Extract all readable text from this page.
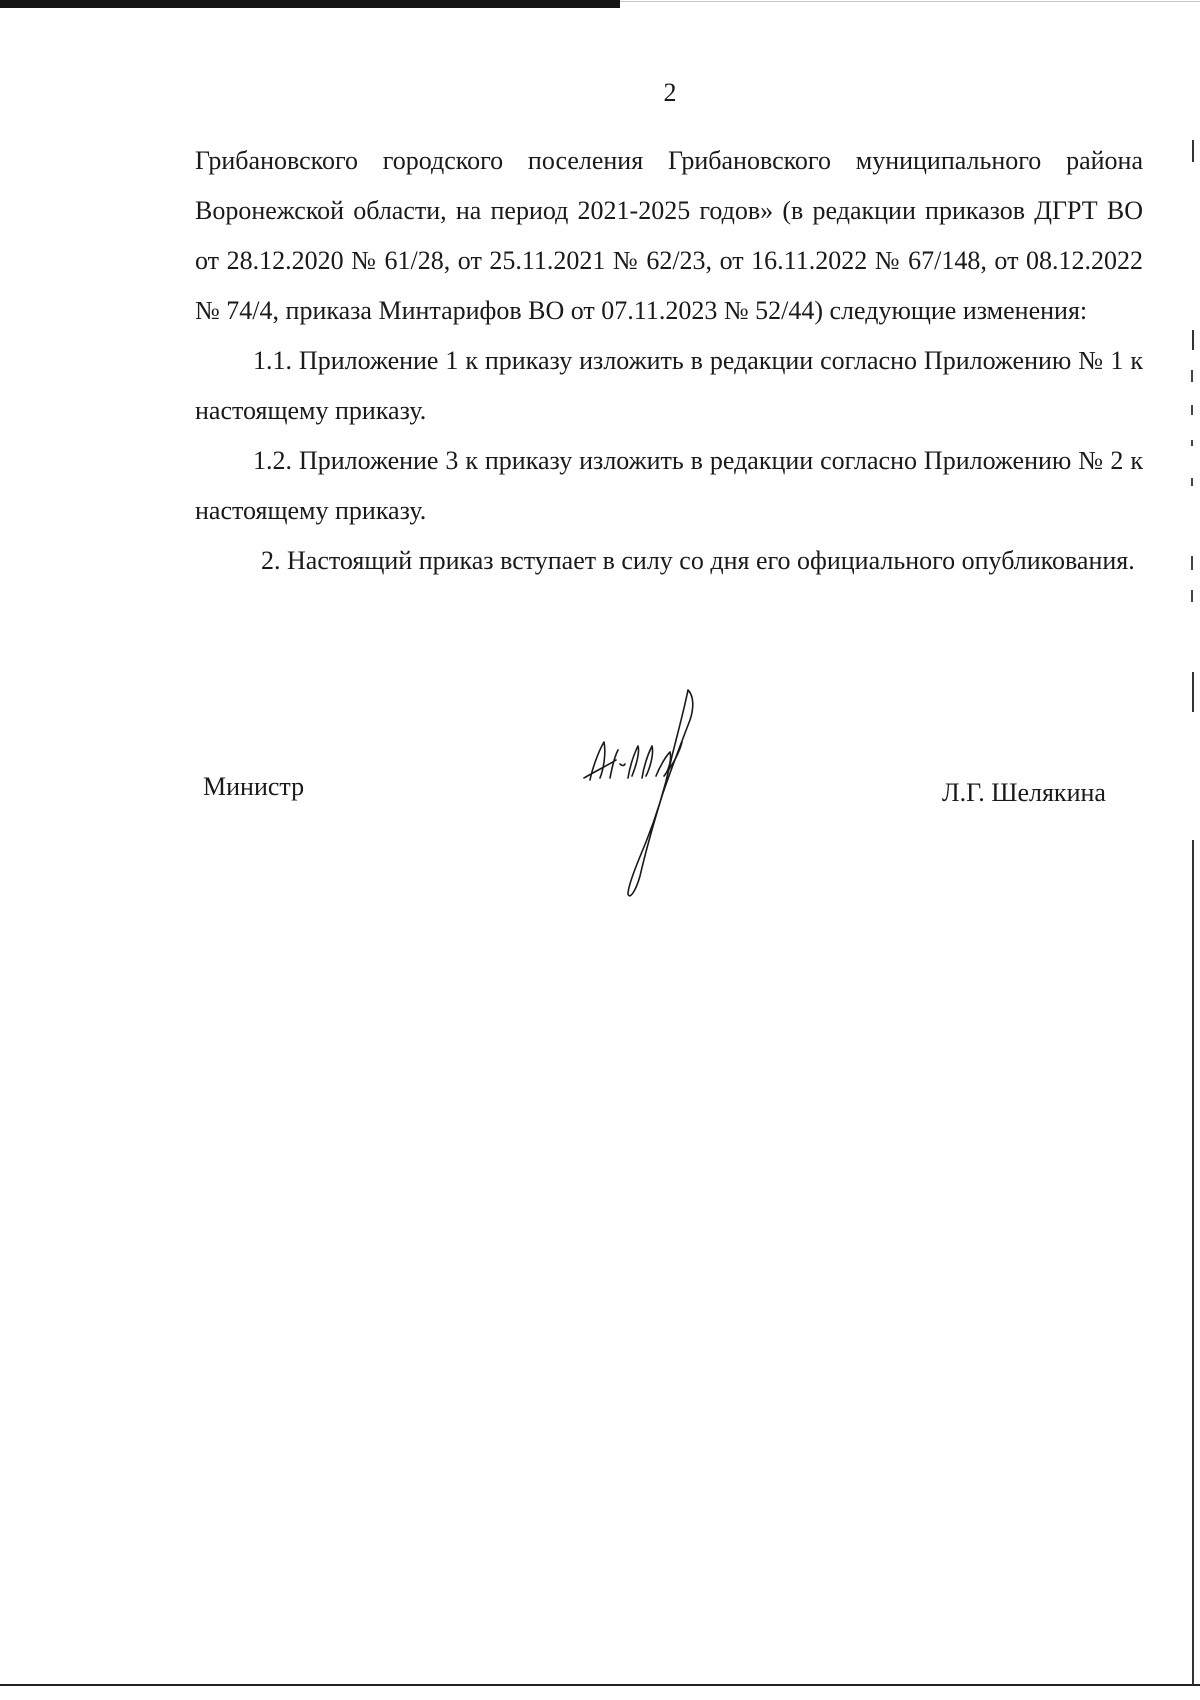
2

Грибановского городского поселения Грибановского муниципального района Воронежской области, на период 2021-2025 годов» (в редакции приказов ДГРТ ВО от 28.12.2020 № 61/28, от 25.11.2021 № 62/23, от 16.11.2022 № 67/148, от 08.12.2022 № 74/4, приказа Минтарифов ВО от 07.11.2023 № 52/44) следующие изменения:

1.1. Приложение 1 к приказу изложить в редакции согласно Приложению № 1 к настоящему приказу.

1.2. Приложение 3 к приказу изложить в редакции согласно Приложению № 2 к настоящему приказу.

2. Настоящий приказ вступает в силу со дня его официального опубликования.

Министр	Л.Г. Шелякина
